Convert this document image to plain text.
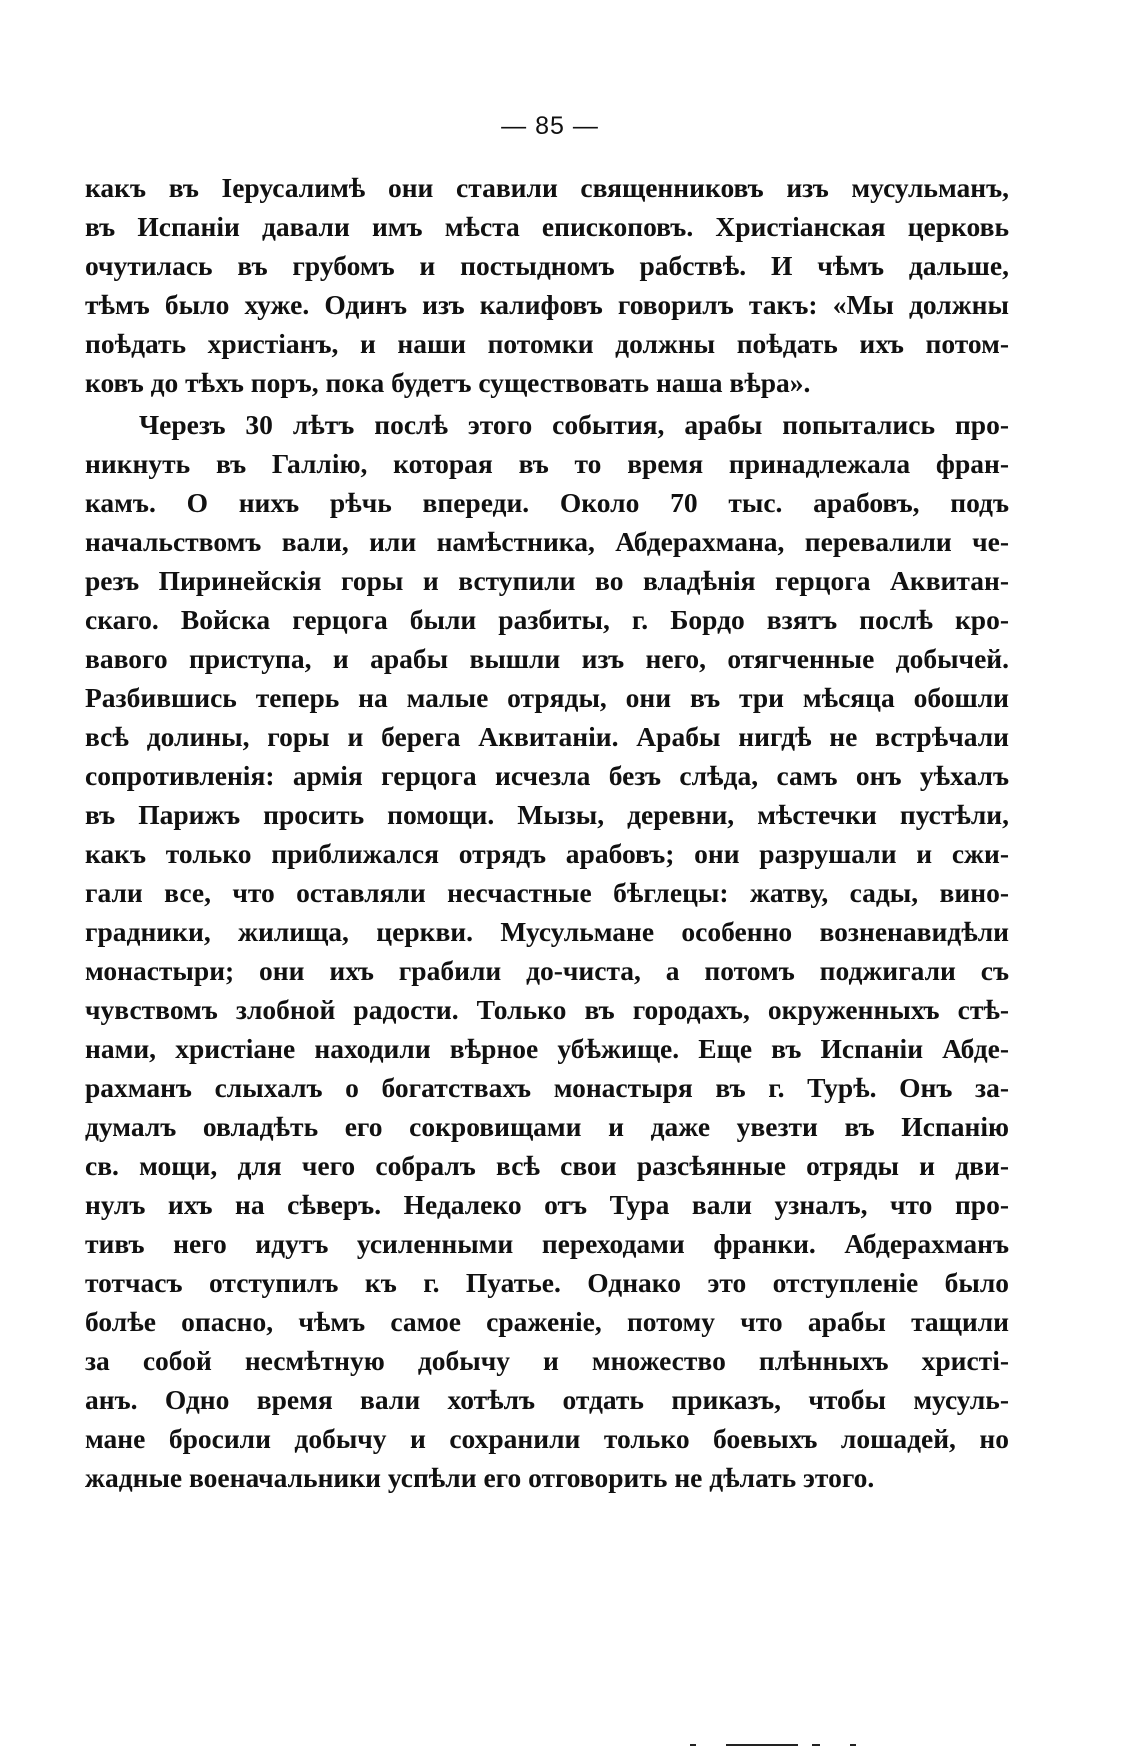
— 85 —
какъ въ Іерусалимѣ они ставили священниковъ изъ мусульманъ,
въ Испаніи давали имъ мѣста епископовъ. Христіанская церковь
очутилась въ грубомъ и постыдномъ рабствѣ. И чѣмъ дальше,
тѣмъ было хуже. Одинъ изъ калифовъ говорилъ такъ: «Мы должны
поѣдать христіанъ, и наши потомки должны поѣдать ихъ потом-
ковъ до тѣхъ поръ, пока будетъ существовать наша вѣра».
Черезъ 30 лѣтъ послѣ этого события, арабы попытались про-
никнуть въ Галлію, которая въ то время принадлежала фран-
камъ. О нихъ рѣчь впереди. Около 70 тыс. арабовъ, подъ
начальствомъ вали, или намѣстника, Абдерахмана, перевалили че-
резъ Пиринейскія горы и вступили во владѣнія герцога Аквитан-
скаго. Войска герцога были разбиты, г. Бордо взятъ послѣ кро-
вавого приступа, и арабы вышли изъ него, отягченные добычей.
Разбившись теперь на малые отряды, они въ три мѣсяца обошли
всѣ долины, горы и берега Аквитаніи. Арабы нигдѣ не встрѣчали
сопротивленія: армія герцога исчезла безъ слѣда, самъ онъ уѣхалъ
въ Парижъ просить помощи. Мызы, деревни, мѣстечки пустѣли,
какъ только приближался отрядъ арабовъ; они разрушали и сжи-
гали все, что оставляли несчастные бѣглецы: жатву, сады, вино-
градники, жилища, церкви. Мусульмане особенно возненавидѣли
монастыри; они ихъ грабили до-чиста, а потомъ поджигали съ
чувствомъ злобной радости. Только въ городахъ, окруженныхъ стѣ-
нами, христіане находили вѣрное убѣжище. Еще въ Испаніи Абде-
рахманъ слыхалъ о богатствахъ монастыря въ г. Турѣ. Онъ за-
думалъ овладѣть его сокровищами и даже увезти въ Испанію
св. мощи, для чего собралъ всѣ свои разсѣянные отряды и дви-
нулъ ихъ на сѣверъ. Недалеко отъ Тура вали узналъ, что про-
тивъ него идутъ усиленными переходами франки. Абдерахманъ
тотчасъ отступилъ къ г. Пуатье. Однако это отступленіе было
болѣе опасно, чѣмъ самое сраженіе, потому что арабы тащили
за собой несмѣтную добычу и множество плѣнныхъ христі-
анъ. Одно время вали хотѣлъ отдать приказъ, чтобы мусуль-
мане бросили добычу и сохранили только боевыхъ лошадей, но
жадные военачальники успѣли его отговорить не дѣлать этого.
